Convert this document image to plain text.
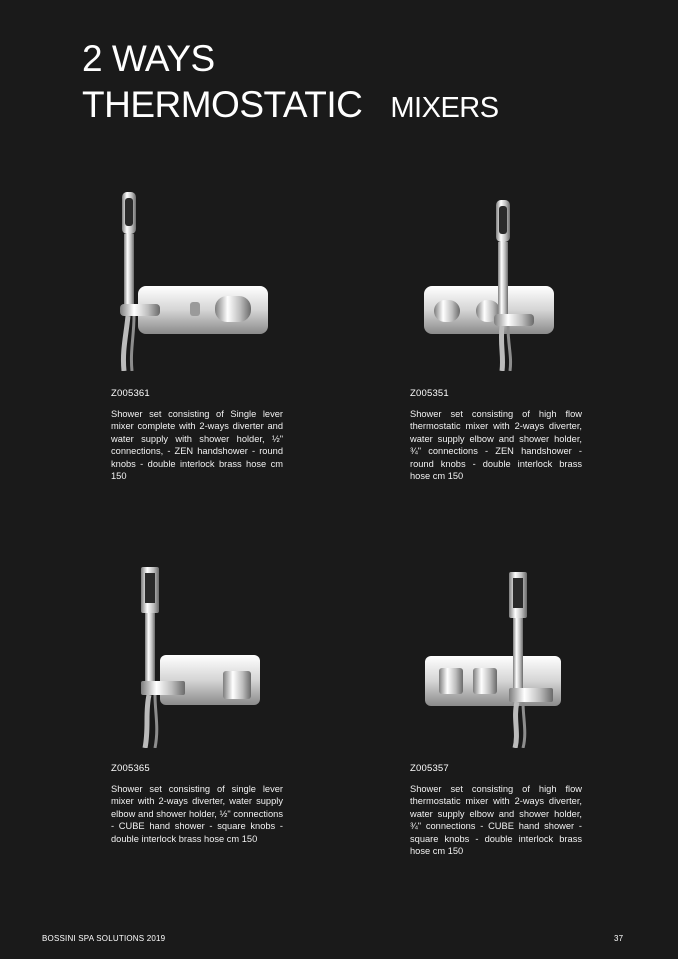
2 WAYS
THERMOSTATIC MIXERS
Z005361
Shower set consisting of Single lever mixer complete with 2-ways diverter and water supply with shower holder, ½" connections, - ZEN handshower - round knobs - double interlock brass hose cm 150
Z005351
Shower set consisting of high flow thermostatic mixer with 2-ways diverter, water supply elbow and shower holder, ¾" connections - ZEN handshower - round knobs - double interlock brass hose cm 150
Z005365
Shower set consisting of single lever mixer with 2-ways diverter, water supply elbow and shower holder, ½" connections - CUBE hand shower - square knobs - double interlock brass hose cm 150
Z005357
Shower set consisting of high flow thermostatic mixer with 2-ways diverter, water supply elbow and shower holder, ¾" connections - CUBE hand shower - square knobs - double interlock brass hose cm 150
BOSSINI SPA SOLUTIONS 2019	37
